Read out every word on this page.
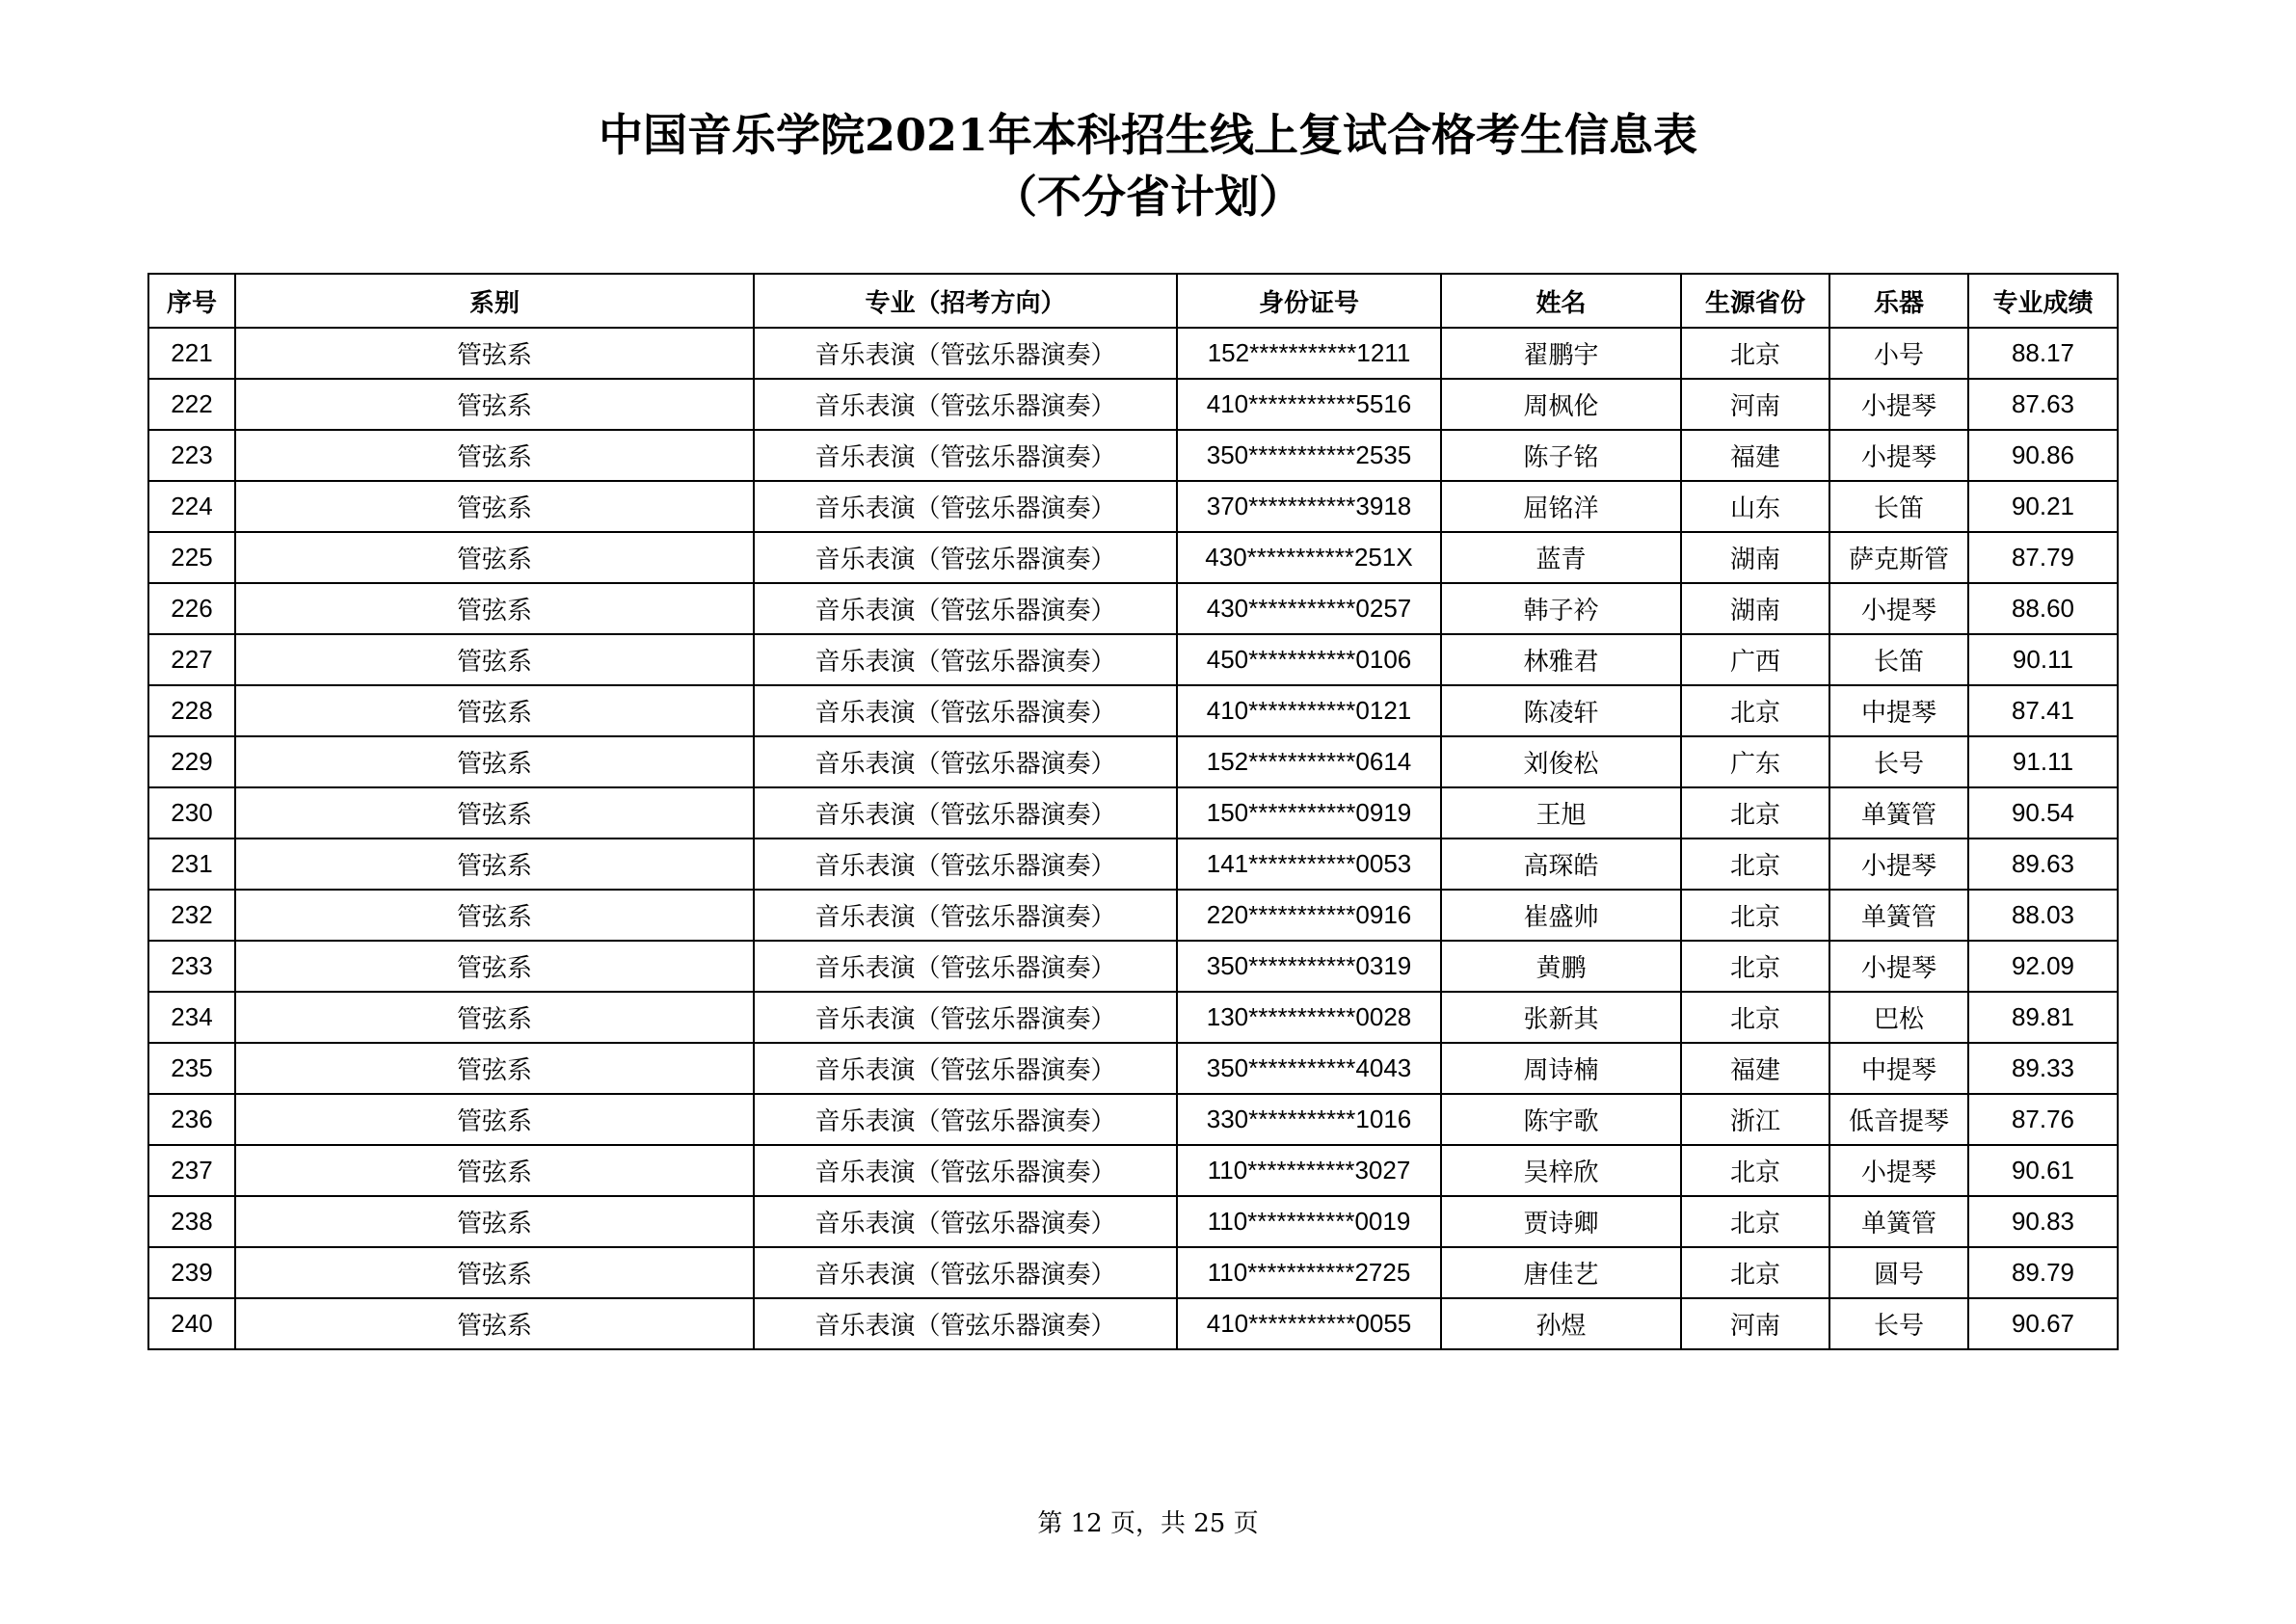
中国音乐学院2021年本科招生线上复试合格考生信息表
（不分省计划）
序号	系别	专业（招考方向）	身份证号	姓名	生源省份	乐器	专业成绩
221	管弦系	音乐表演（管弦乐器演奏）	152***********1211	翟鹏宇	北京	小号	88.17
222	管弦系	音乐表演（管弦乐器演奏）	410***********5516	周枫伦	河南	小提琴	87.63
223	管弦系	音乐表演（管弦乐器演奏）	350***********2535	陈子铭	福建	小提琴	90.86
224	管弦系	音乐表演（管弦乐器演奏）	370***********3918	屈铭洋	山东	长笛	90.21
225	管弦系	音乐表演（管弦乐器演奏）	430***********251X	蓝青	湖南	萨克斯管	87.79
226	管弦系	音乐表演（管弦乐器演奏）	430***********0257	韩子衿	湖南	小提琴	88.60
227	管弦系	音乐表演（管弦乐器演奏）	450***********0106	林雅君	广西	长笛	90.11
228	管弦系	音乐表演（管弦乐器演奏）	410***********0121	陈凌轩	北京	中提琴	87.41
229	管弦系	音乐表演（管弦乐器演奏）	152***********0614	刘俊松	广东	长号	91.11
230	管弦系	音乐表演（管弦乐器演奏）	150***********0919	王旭	北京	单簧管	90.54
231	管弦系	音乐表演（管弦乐器演奏）	141***********0053	高琛皓	北京	小提琴	89.63
232	管弦系	音乐表演（管弦乐器演奏）	220***********0916	崔盛帅	北京	单簧管	88.03
233	管弦系	音乐表演（管弦乐器演奏）	350***********0319	黄鹏	北京	小提琴	92.09
234	管弦系	音乐表演（管弦乐器演奏）	130***********0028	张新其	北京	巴松	89.81
235	管弦系	音乐表演（管弦乐器演奏）	350***********4043	周诗楠	福建	中提琴	89.33
236	管弦系	音乐表演（管弦乐器演奏）	330***********1016	陈宇歌	浙江	低音提琴	87.76
237	管弦系	音乐表演（管弦乐器演奏）	110***********3027	吴梓欣	北京	小提琴	90.61
238	管弦系	音乐表演（管弦乐器演奏）	110***********0019	贾诗卿	北京	单簧管	90.83
239	管弦系	音乐表演（管弦乐器演奏）	110***********2725	唐佳艺	北京	圆号	89.79
240	管弦系	音乐表演（管弦乐器演奏）	410***********0055	孙煜	河南	长号	90.67
第 12 页，共 25 页
